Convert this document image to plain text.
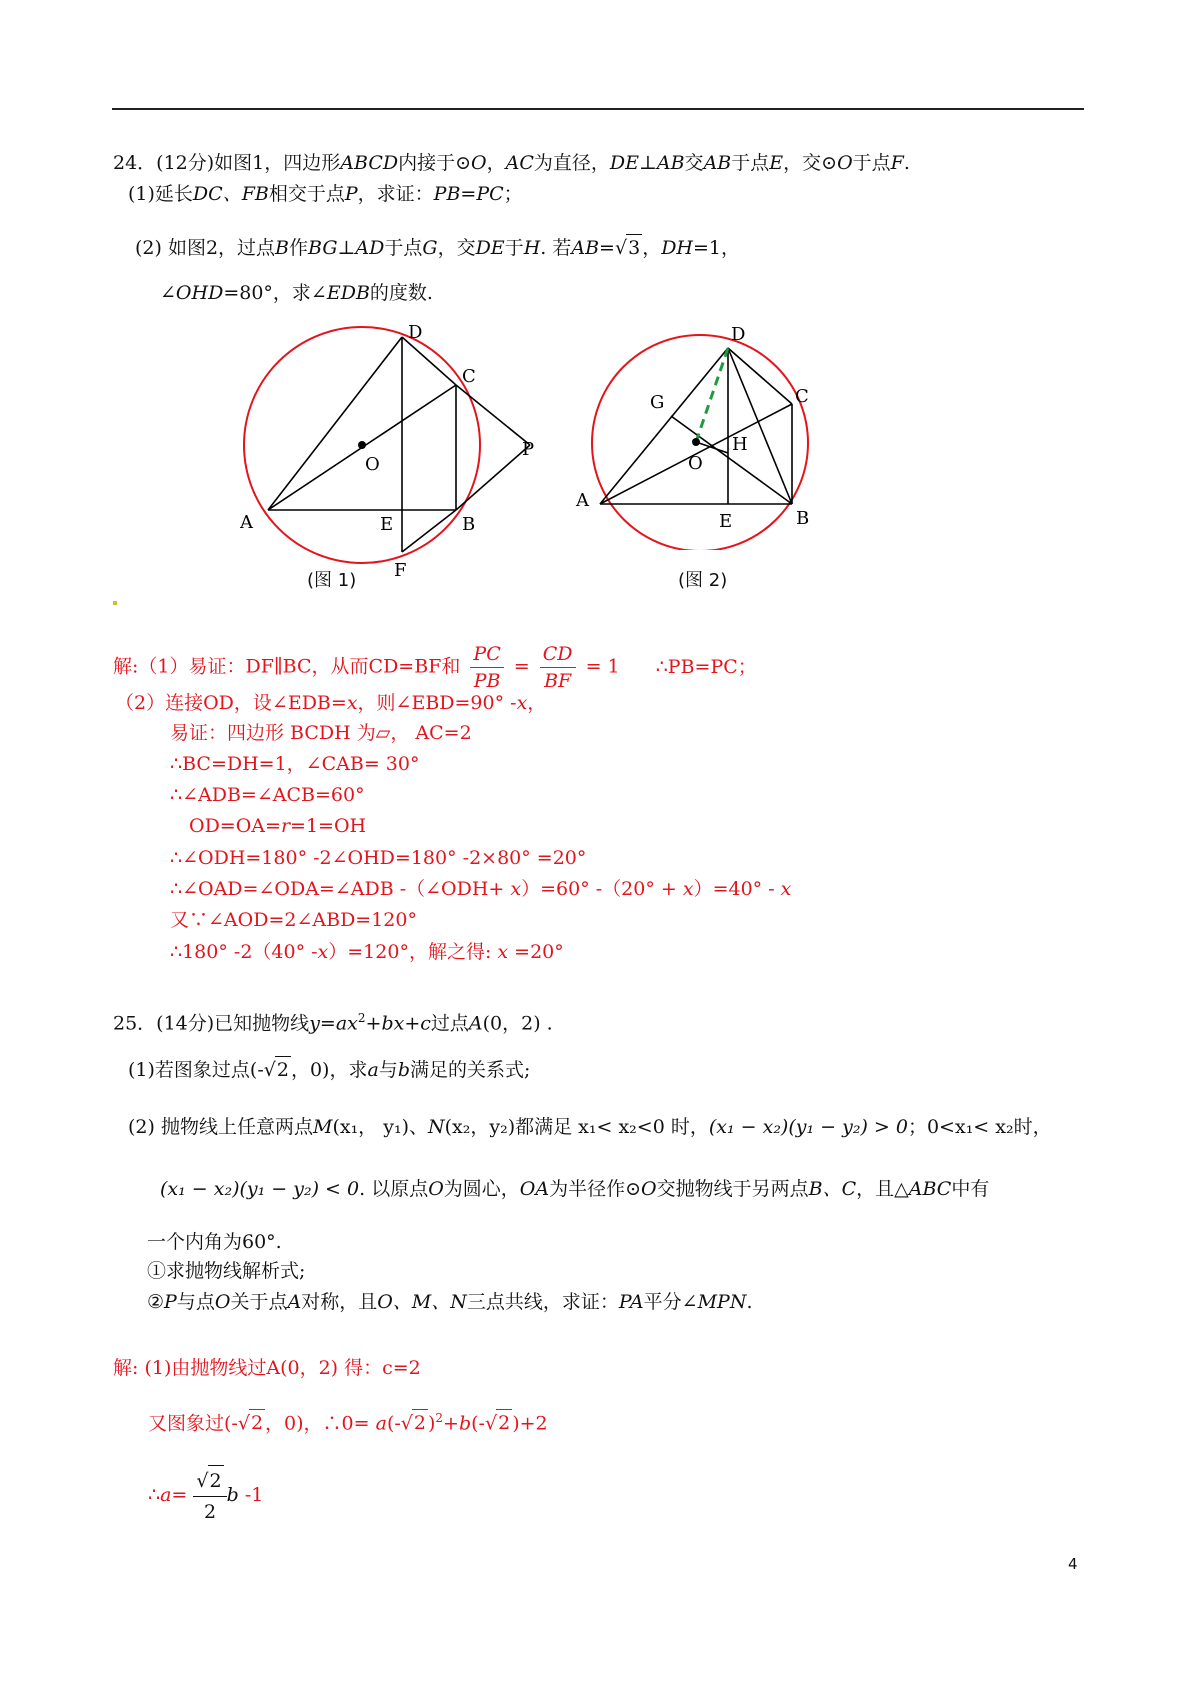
24．(12分)如图1，四边形ABCD内接于⊙O，AC为直径，DE⊥AB交AB于点E，交⊙O于点F.
(1)延长DC、FB相交于点P，求证：PB=PC；
(2) 如图2，过点B作BG⊥AD于点G，交DE于H. 若AB=√3 ，DH=1，
∠OHD=80°，求∠EDB的度数.
D
C
O
P
A	E	B
F
(图 1)
D
C
G
H
O
A
E	B
(图 2)
解:（1）易证：DF∥BC，从而CD=BF和 $\frac{PC}{PB} = \frac{CD}{BF} = 1$ ∴PB=PC；
（2）连接OD，设∠EDB=x，则∠EBD=90° -x，
易证：四边形 BCDH 为▱， AC=2
∴BC=DH=1，∠CAB= 30°
∴∠ADB=∠ACB=60°
OD=OA=r=1=OH
∴∠ODH=180° -2∠OHD=180° -2×80° =20°
∴∠OAD=∠ODA=∠ADB -（∠ODH+ x）=60° -（20° + x）=40° - x
又∵∠AOD=2∠ABD=120°
∴180° -2（40° -x）=120°，解之得: x =20°
25．(14分)已知抛物线$y=ax^2+bx+c$过点A(0，2) .
(1)若图象过点(-√2 ，0)，求a与b满足的关系式;
(2) 抛物线上任意两点M(x₁， y₁)、N(x₂，y₂)都满足 x₁< x₂<0 时，(x₁ − x₂)(y₁ − y₂) > 0；0<x₁< x₂时，
(x₁ − x₂)(y₁ − y₂) < 0. 以原点O为圆心，OA为半径作⊙O交抛物线于另两点B、C，且△ABC中有
一个内角为60°.
①求抛物线解析式;
②P与点O关于点A对称，且O、M、N三点共线，求证：PA平分∠MPN.
解: (1)由抛物线过A(0，2) 得：c=2
又图象过(-√2 ，0)，∴0= a(-√2 )$^2$+b(-√2 )+2
∴a= $\frac{√2}{2}$ b -1
4
